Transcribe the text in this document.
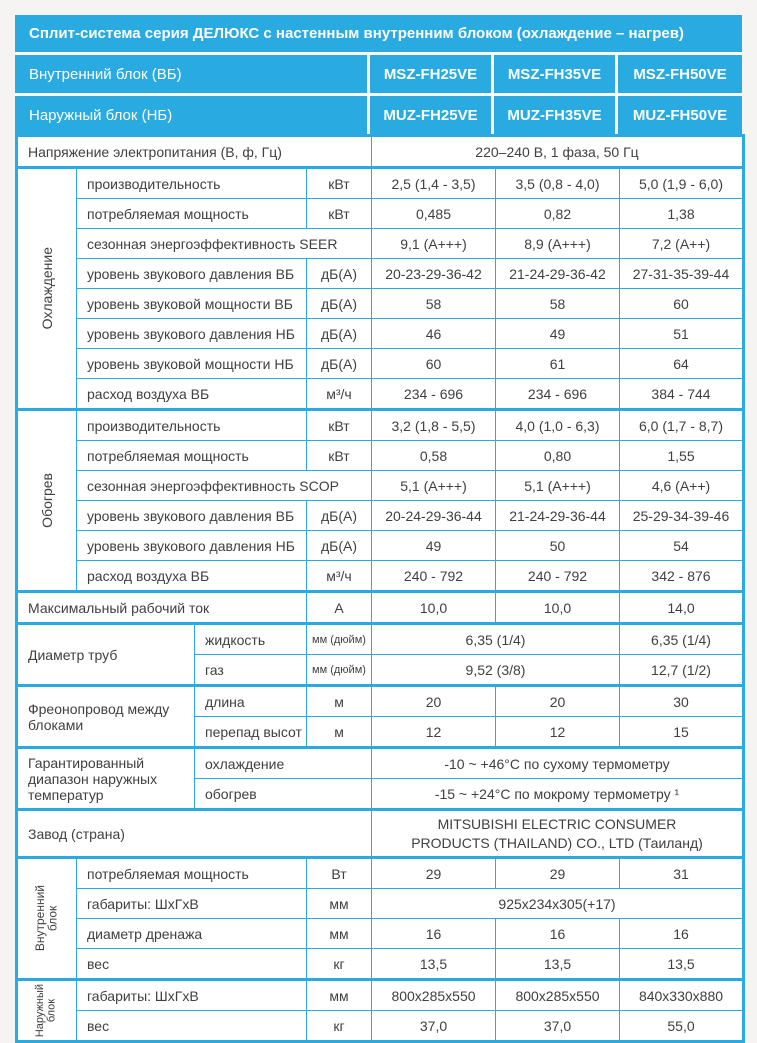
Сплит-система серия ДЕЛЮКС с настенным внутренним блоком (охлаждение – нагрев)
Внутренний блок (ВБ)	MSZ-FH25VE	MSZ-FH35VE	MSZ-FH50VE
Наружный блок (НБ)	MUZ-FH25VE	MUZ-FH35VE	MUZ-FH50VE
Напряжение электропитания (В, ф, Гц)				220–240 В, 1 фаза, 50 Гц		

Охлаждение	производительность		кВт	2,5 (1,4 - 3,5)	3,5 (0,8 - 4,0)	5,0 (1,9 - 6,0)
	потребляемая мощность		кВт	0,485	0,82	1,38
	сезонная энергоэффективность SEER			9,1 (A+++)	8,9 (A+++)	7,2 (A++)
	уровень звукового давления ВБ		дБ(А)	20-23-29-36-42	21-24-29-36-42	27-31-35-39-44
	уровень звуковой мощности ВБ		дБ(А)	58	58	60
	уровень звукового давления НБ		дБ(А)	46	49	51
	уровень звуковой мощности НБ		дБ(А)	60	61	64
	расход воздуха ВБ		м³/ч	234 - 696	234 - 696	384 - 744

Обогрев	производительность		кВт	3,2 (1,8 - 5,5)	4,0 (1,0 - 6,3)	6,0 (1,7 - 8,7)
	потребляемая мощность		кВт	0,58	0,80	1,55
	сезонная энергоэффективность SCOP			5,1 (A+++)	5,1 (A+++)	4,6 (A++)
	уровень звукового давления ВБ		дБ(А)	20-24-29-36-44	21-24-29-36-44	25-29-34-39-46
	уровень звукового давления НБ		дБ(А)	49	50	54
	расход воздуха ВБ		м³/ч	240 - 792	240 - 792	342 - 876
Максимальный рабочий ток			А	10,0	10,0	14,0
Диаметр труб		жидкость	мм (дюйм)	6,35 (1/4)		6,35 (1/4)
		газ	мм (дюйм)	9,52 (3/8)		12,7 (1/2)
Фреонопровод между блоками		длина	м	20	20	30
		перепад высот	м	12	12	15
Гарантированный диапазон наружных температур		охлаждение		-10 ~ +46°С по сухому термометру		
		обогрев		-15 ~ +24°С по мокрому термометру ¹		
Завод (страна)				MITSUBISHI ELECTRIC CONSUMER
PRODUCTS (THAILAND) CO., LTD (Таиланд)		

Внутренний
блок	потребляемая мощность		Вт	29	29	31
	габариты: ШхГхВ		мм	925x234x305(+17)		
	диаметр дренажа		мм	16	16	16
	вес		кг	13,5	13,5	13,5

Наружный блок	габариты: ШхГхВ		мм	800x285x550	800x285x550	840x330x880
	вес		кг	37,0	37,0	55,0
